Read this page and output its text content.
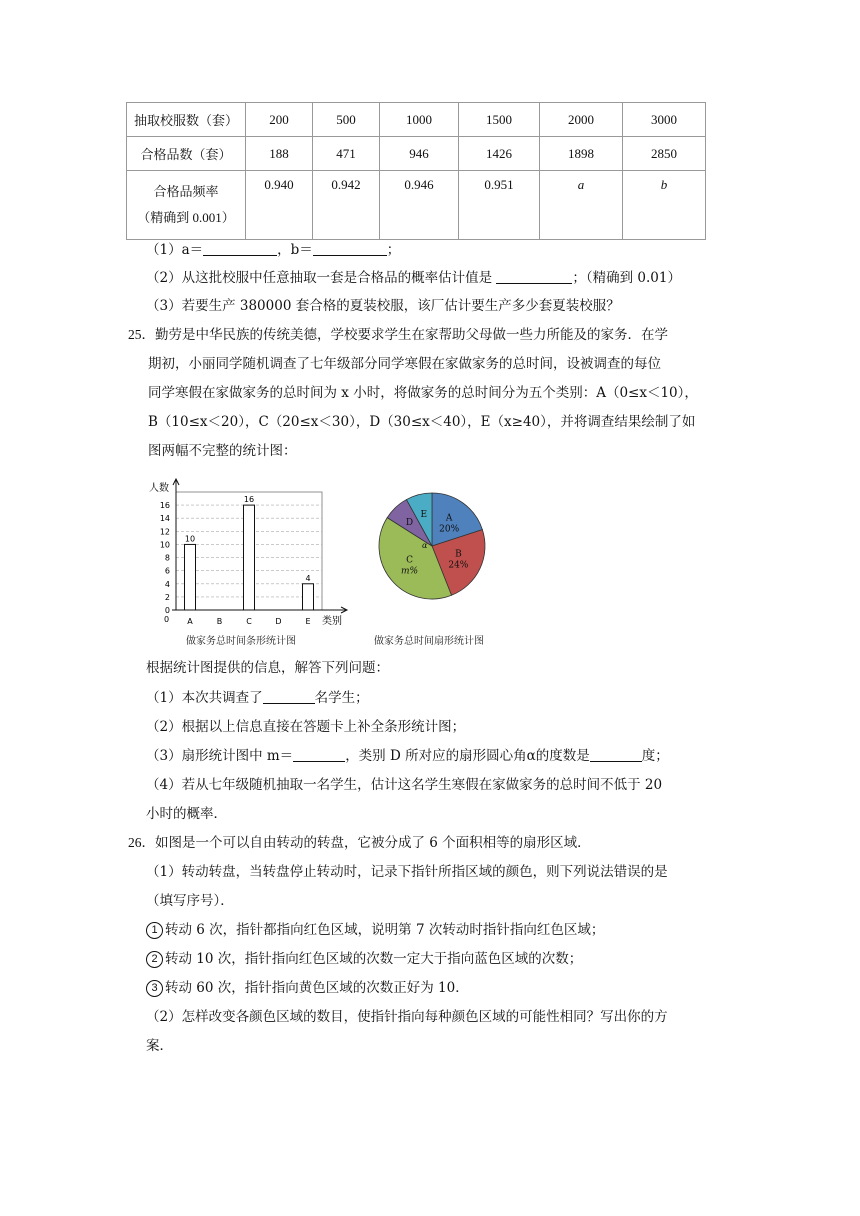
抽取校服数（套）	200	500	1000	1500	2000	3000
合格品数（套）	188	471	946	1426	1898	2850
合格品频率
（精确到 0.001）	0.940	0.942	0.946	0.951	a	b
（1）a＝	，b＝	；
（2）从这批校服中任意抽取一套是合格品的概率估计值是	；（精确到 0.01）
（3）若要生产 380000 套合格的夏装校服，该厂估计要生产多少套夏装校服？
25．勤劳是中华民族的传统美德，学校要求学生在家帮助父母做一些力所能及的家务．在学
期初，小丽同学随机调查了七年级部分同学寒假在家做家务的总时间，设被调查的每位
同学寒假在家做家务的总时间为 x 小时，将做家务的总时间分为五个类别：A（0≤x＜10），
B（10≤x＜20），C（20≤x＜30），D（30≤x＜40），E（x≥40），并将调查结果绘制了如
图两幅不完整的统计图：
人数
类别
0
2
4
6
8
10
12
14
16
0 A
10
B	C
16
D	E
4
做家务总时间条形统计图
A
20%
B
24%
C
m%
D
E
α
做家务总时间扇形统计图
根据统计图提供的信息，解答下列问题：
（1）本次共调查了	名学生；
（2）根据以上信息直接在答题卡上补全条形统计图；
（3）扇形统计图中 m＝	，类别 D 所对应的扇形圆心角α的度数是	度；
（4）若从七年级随机抽取一名学生，估计这名学生寒假在家做家务的总时间不低于 20
小时的概率．
26．如图是一个可以自由转动的转盘，它被分成了 6 个面积相等的扇形区域．
（1）转动转盘，当转盘停止转动时，记录下指针所指区域的颜色，则下列说法错误的是
（填写序号）．
1 转动 6 次，指针都指向红色区域，说明第 7 次转动时指针指向红色区域；
2 转动 10 次，指针指向红色区域的次数一定大于指向蓝色区域的次数；
3 转动 60 次，指针指向黄色区域的次数正好为 10．
（2）怎样改变各颜色区域的数目，使指针指向每种颜色区域的可能性相同？写出你的方
案．
